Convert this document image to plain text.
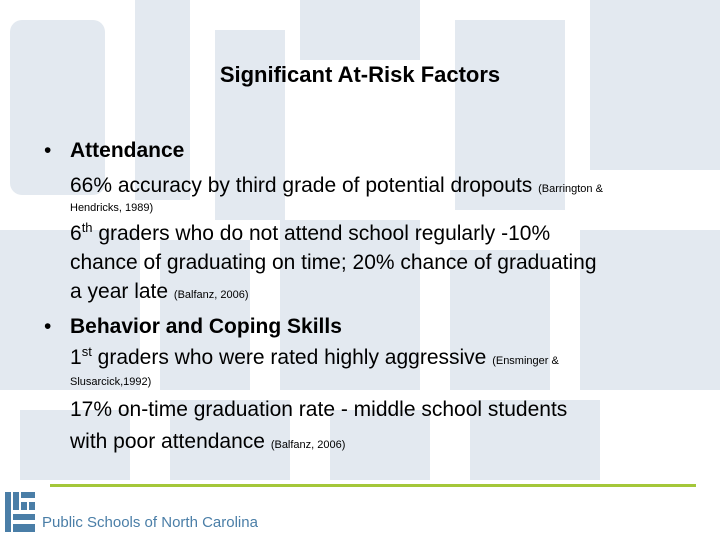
Significant At-Risk Factors
• Attendance
66% accuracy by third grade of potential dropouts (Barrington &
Hendricks, 1989)
6th graders who do not attend school regularly -10%
chance of graduating on time; 20% chance of graduating
a year late (Balfanz, 2006)
• Behavior and Coping Skills
1st graders who were rated highly aggressive (Ensminger &
Slusarcick,1992)
17% on-time graduation rate - middle school students
with poor attendance (Balfanz, 2006)
Public Schools of North Carolina
